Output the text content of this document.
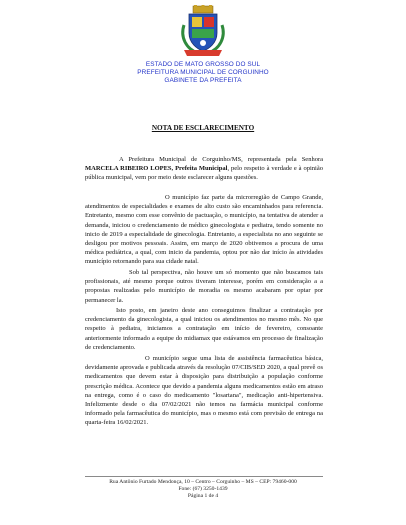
ESTADO DE MATO GROSSO DO SUL
PREFEITURA MUNICIPAL DE CORGUINHO
GABINETE DA PREFEITA
NOTA DE ESCLARECIMENTO
A Prefeitura Municipal de Corguinho/MS, representada pela Senhora
MARCELA RIBEIRO LOPES, Prefeita Municipal, pelo respeito à verdade e à opinião
pública municipal, vem por meio deste esclarecer alguns questões.
O município faz parte da microrregião de Campo Grande,
atendimentos de especialidades e exames de alto custo são encaminhados para referencia.
Entretanto, mesmo com esse convênio de pactuação, o município, na tentativa de atender a
demanda, iniciou o credenciamento de médico ginecologista e pediatra, tendo somente no
inicio de 2019 a especialidade de ginecologia. Entretanto, a especialista no ano seguinte se
desligou por motivos pessoais. Assim, em março de 2020 obtivemos a procura de uma
médica pediátrica, a qual, com inicio da pandemia, optou por não dar início às atividades
município retornando para sua cidade natal.
Sob tal perspectiva, não houve um só momento que não buscamos tais
profissionais, até mesmo porque outros tiveram interesse, porém em consideração a a
propostas realizadas pelo município de moradia os mesmo acabaram por optar por
permanecer la.
Isto posto, em janeiro deste ano conseguimos finalizar a contratação por
credenciamento da ginecologista, a qual iniciou os atendimentos no mesmo mês. No que
respeito à pediatra, iniciamos a contratação em início de fevereiro, consoante
anteriormente informado a equipe do midiamax que estávamos em processo de finalização
de credenciamento.
O município segue uma lista de assistência farmacêutica básica,
devidamente aprovada e publicada através da resolução 07/CIB/SED 2020, a qual prevê os
medicamentos que devem estar à disposição para distribuição a população conforme
prescrição médica. Acontece que devido a pandemia alguns medicamentos estão em atraso
na entrega, como é o caso do medicamento "losartana", medicação anti-hipertensiva.
Infelizmente desde o dia 07/02/2021 não temos na farmácia municipal conforme
informado pela farmacêutica do município, mas o mesmo está com previsão de entrega na
quarta-feira 16/02/2021.
Rua Antônio Furtado Mendonça, 10 – Centro – Corguinho – MS – CEP: 79460-000
Fone: (67) 3250-1439
Página 1 de 4
